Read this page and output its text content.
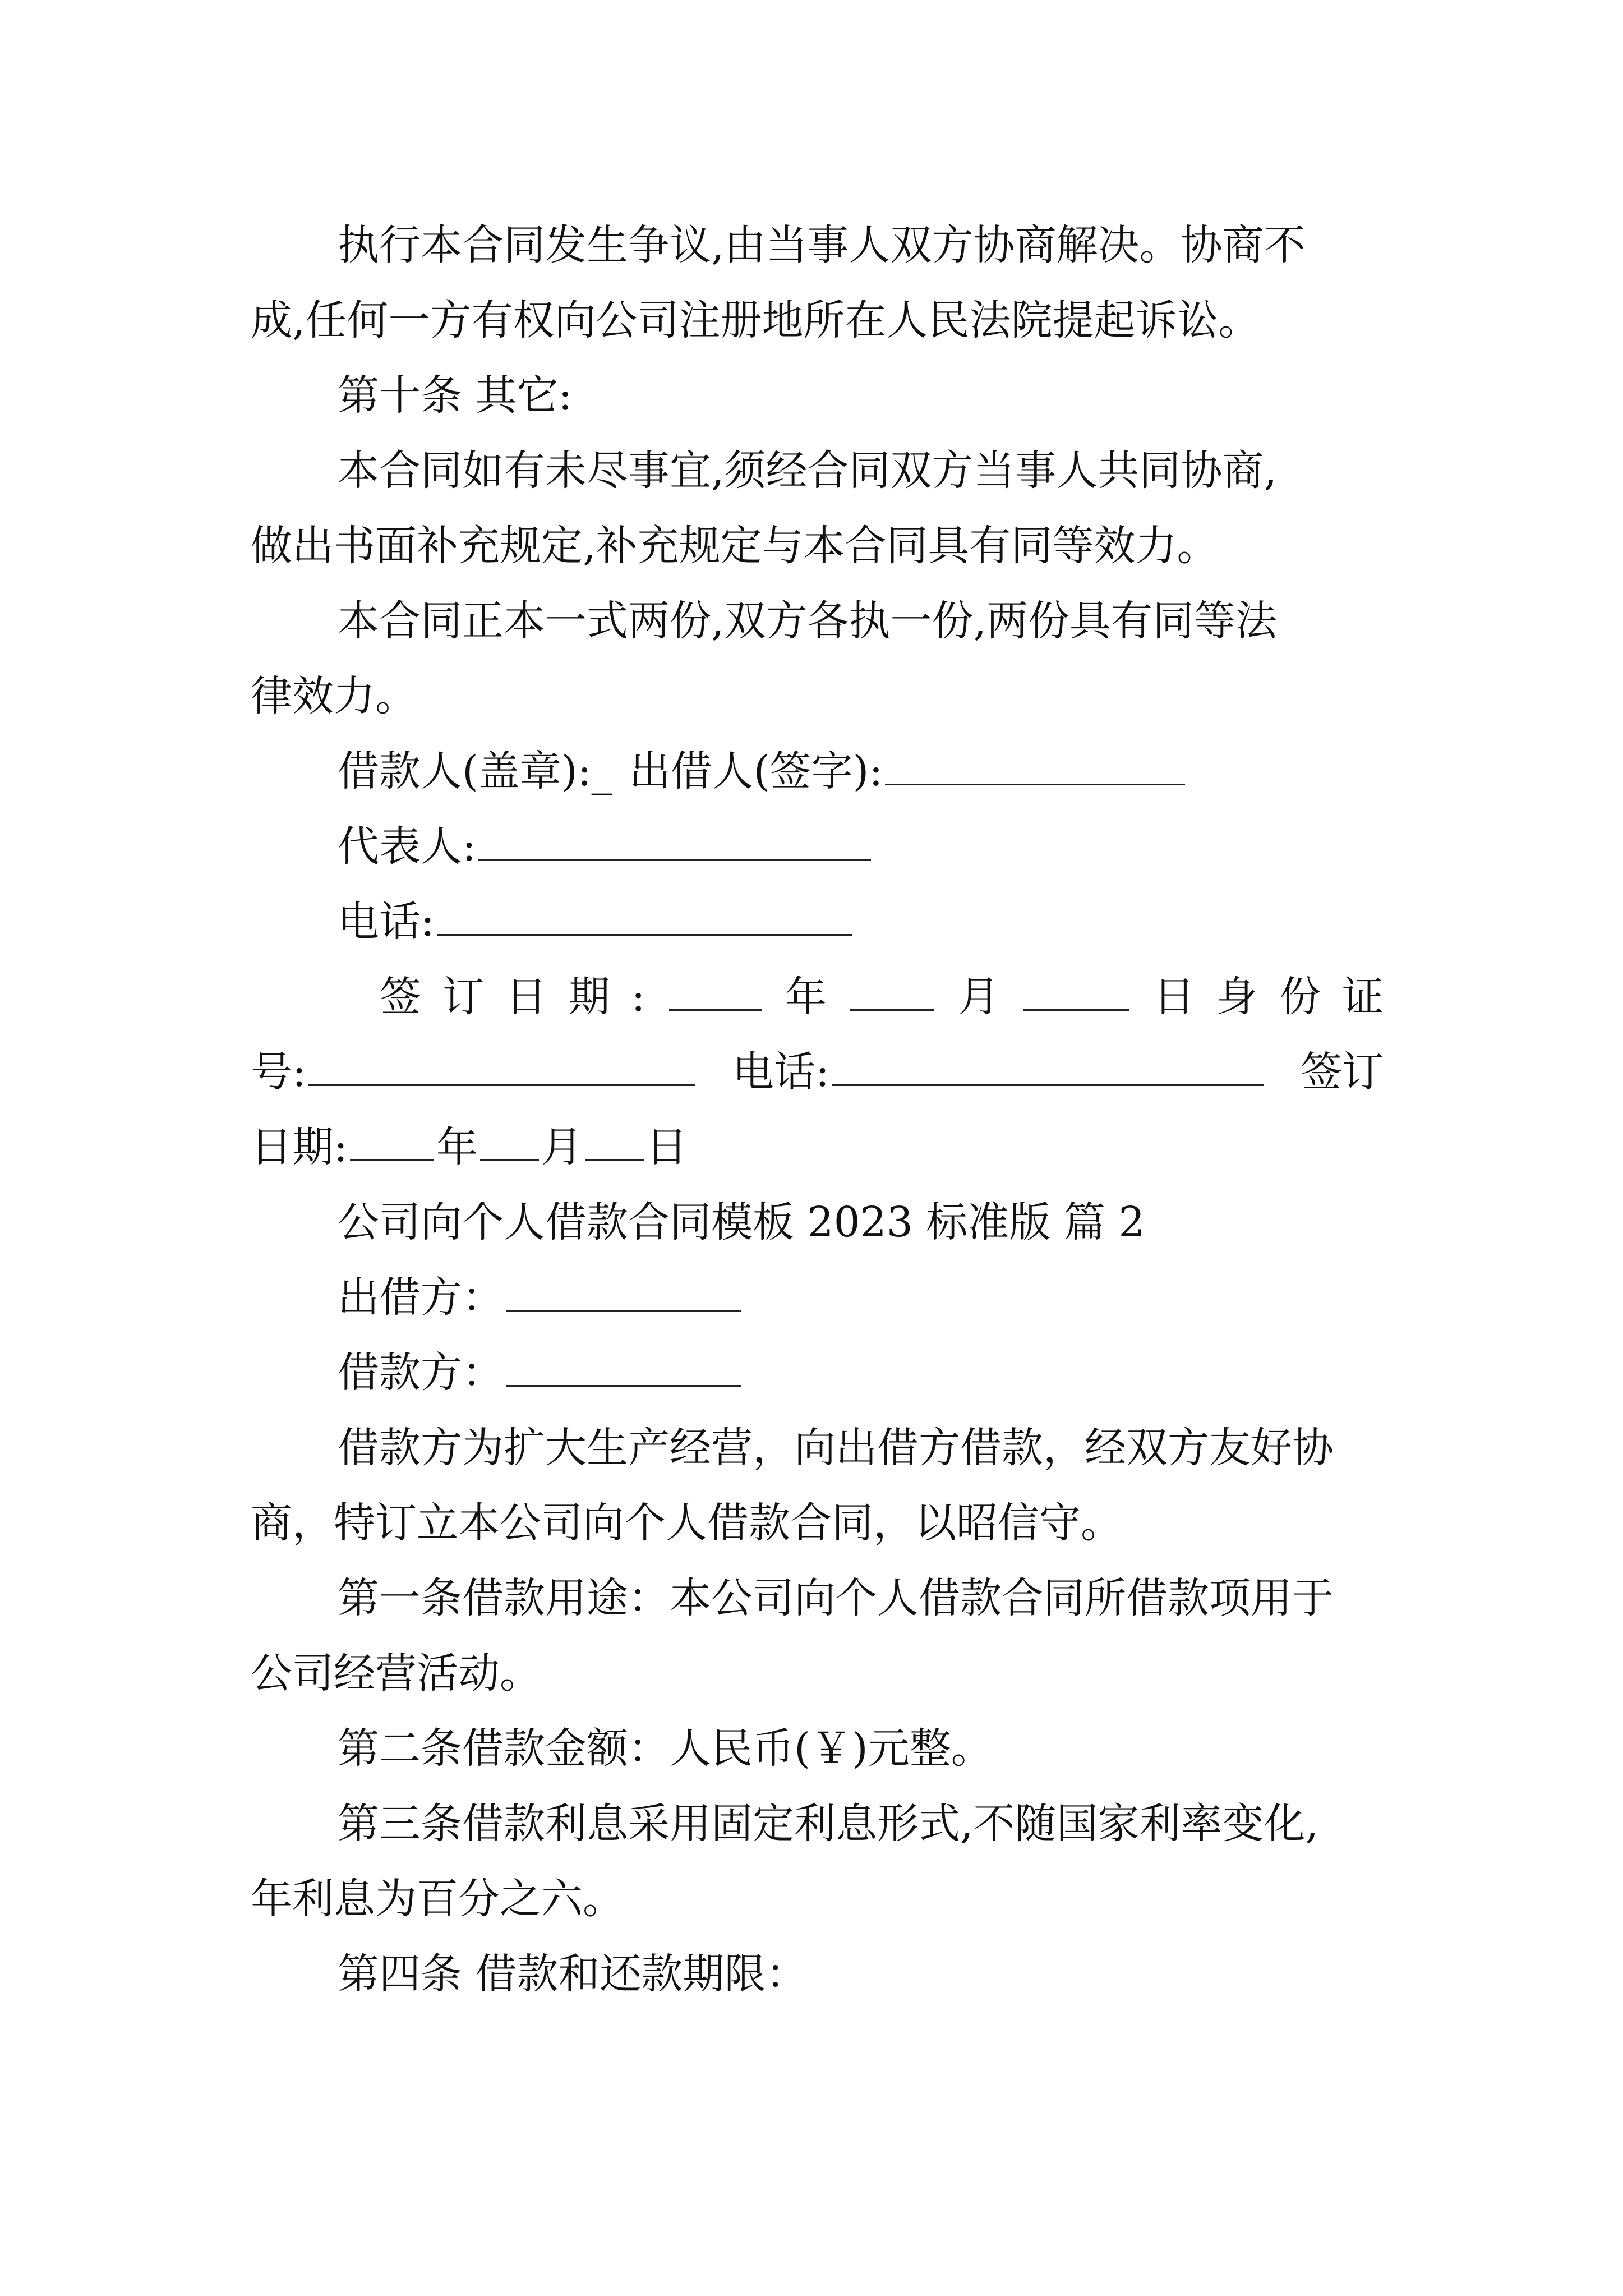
执行本合同发生争议,由当事人双方协商解决。协商不
成,任何一方有权向公司注册地所在人民法院提起诉讼。
第十条 其它:
本合同如有未尽事宜,须经合同双方当事人共同协商,
做出书面补充规定,补充规定与本合同具有同等效力。
本合同正本一式两份,双方各执一份,两份具有同等法
律效力。
借款人(盖章):_ 出借人(签字):
代表人:
电话:
签 订 日 期 :	年	月	日 身 份 证
号:	电话:	签订
日期: 年 月 日
公司向个人借款合同模板 2023 标准版 篇 2
出借方：
借款方：
借款方为扩大生产经营，向出借方借款，经双方友好协
商，特订立本公司向个人借款合同，以昭信守。
第一条借款用途：本公司向个人借款合同所借款项用于
公司经营活动。
第二条借款金额：人民币(￥)元整。
第三条借款利息采用固定利息形式,不随国家利率变化,
年利息为百分之六。
第四条 借款和还款期限：
